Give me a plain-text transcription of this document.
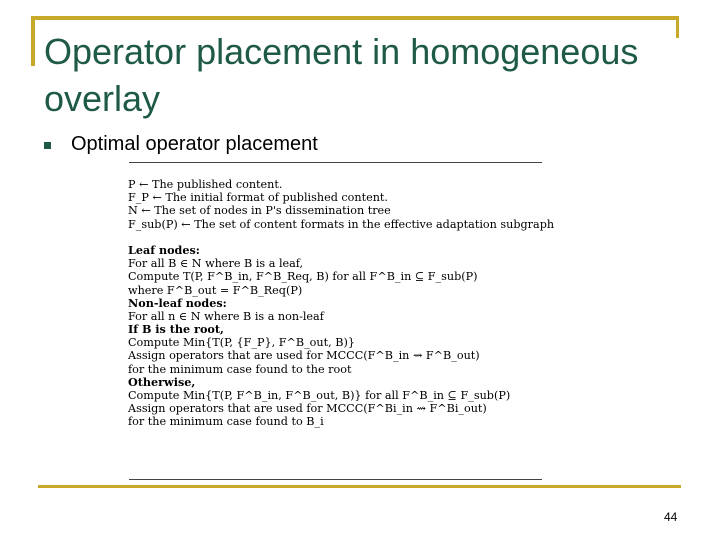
Operator placement in homogeneous overlay
Optimal operator placement
P ← The published content.
F_P ← The initial format of published content.
N ← The set of nodes in P's dissemination tree
F_sub(P) ← The set of content formats in the effective adaptation subgraph
Leaf nodes:
For all B ∈ N where B is a leaf,
Compute T(P, F^B_in, F^B_Req, B) for all F^B_in ⊆ F_sub(P)
where F^B_out = F^B_Req(P)
Non-leaf nodes:
For all n ∈ N where B is a non-leaf
If B is the root,
Compute Min{T(P, {F_P}, F^B_out, B)}
Assign operators that are used for MCCC(F^B_in ⇝ F^B_out)
for the minimum case found to the root
Otherwise,
Compute Min{T(P, F^B_in, F^B_out, B)} for all F^B_in ⊆ F_sub(P)
Assign operators that are used for MCCC(F^Bi_in ⇝ F^Bi_out)
for the minimum case found to B_i
44
